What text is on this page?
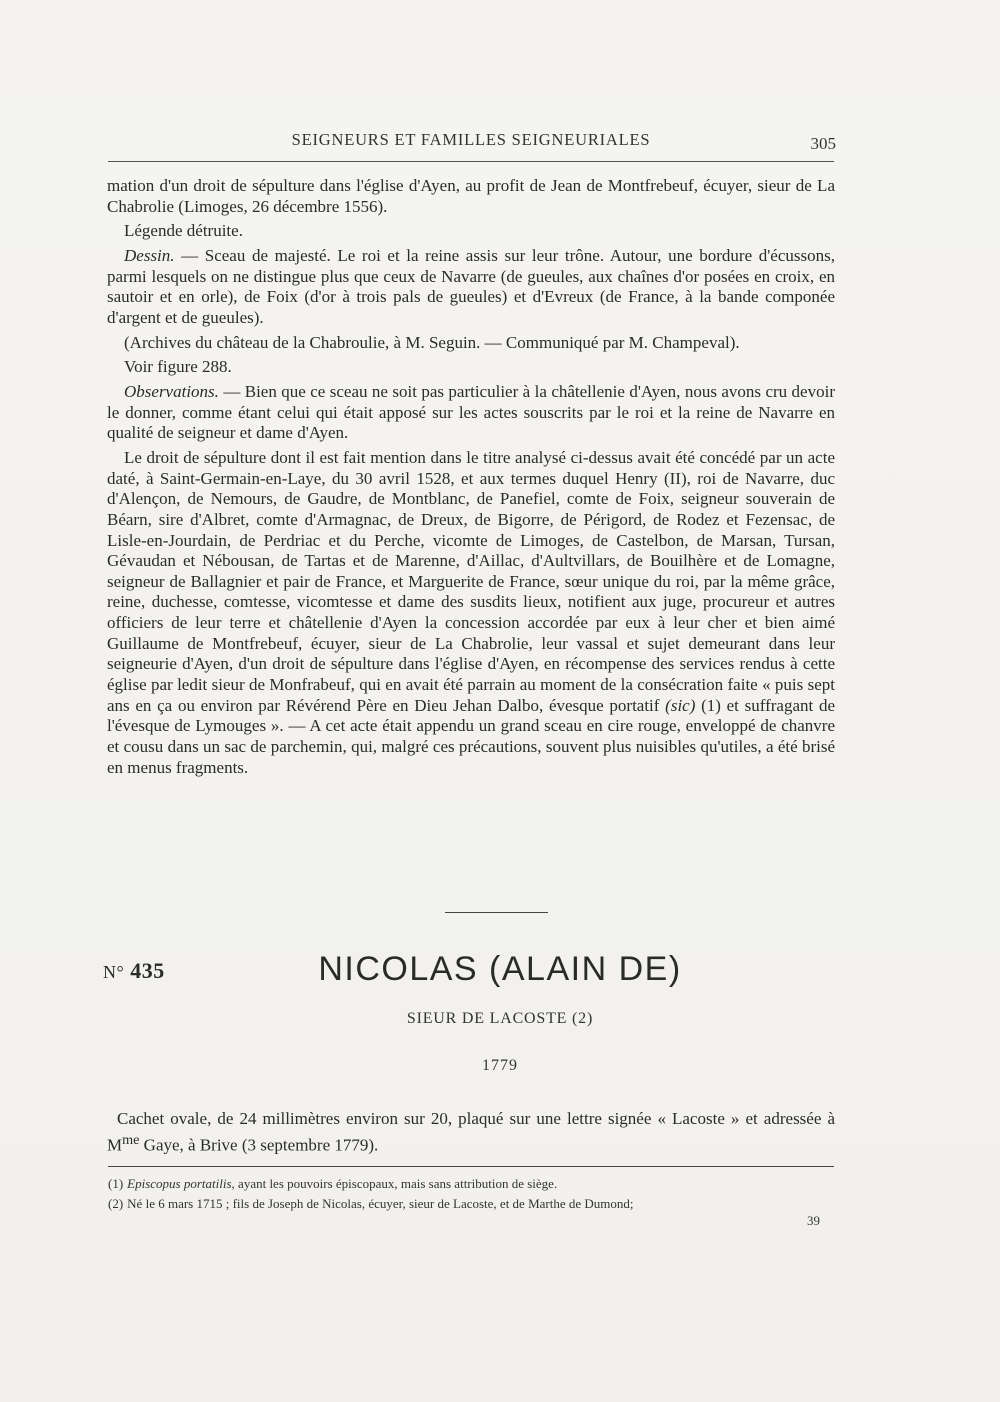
SEIGNEURS ET FAMILLES SEIGNEURIALES	305

mation d'un droit de sépulture dans l'église d'Ayen, au profit de Jean de Montfrebeuf, écuyer, sieur de La Chabrolie (Limoges, 26 décembre 1556).

Légende détruite.

Dessin. — Sceau de majesté. Le roi et la reine assis sur leur trône. Autour, une bordure d'écussons, parmi lesquels on ne distingue plus que ceux de Navarre (de gueules, aux chaînes d'or posées en croix, en sautoir et en orle), de Foix (d'or à trois pals de gueules) et d'Evreux (de France, à la bande componée d'argent et de gueules).

(Archives du château de la Chabroulie, à M. Seguin. — Communiqué par M. Champeval).

Voir figure 288.

Observations. — Bien que ce sceau ne soit pas particulier à la châtellenie d'Ayen, nous avons cru devoir le donner, comme étant celui qui était apposé sur les actes souscrits par le roi et la reine de Navarre en qualité de seigneur et dame d'Ayen.

Le droit de sépulture dont il est fait mention dans le titre analysé ci-dessus avait été concédé par un acte daté, à Saint-Germain-en-Laye, du 30 avril 1528, et aux termes duquel Henry (II), roi de Navarre, duc d'Alençon, de Nemours, de Gaudre, de Montblanc, de Panefiel, comte de Foix, seigneur souverain de Béarn, sire d'Albret, comte d'Armagnac, de Dreux, de Bigorre, de Périgord, de Rodez et Fezensac, de Lisle-en-Jourdain, de Perdriac et du Perche, vicomte de Limoges, de Castelbon, de Marsan, Tursan, Gévaudan et Nébousan, de Tartas et de Marenne, d'Aillac, d'Aultvillars, de Bouilhère et de Lomagne, seigneur de Ballagnier et pair de France, et Marguerite de France, sœur unique du roi, par la même grâce, reine, duchesse, comtesse, vicomtesse et dame des susdits lieux, notifient aux juge, procureur et autres officiers de leur terre et châtellenie d'Ayen la concession accordée par eux à leur cher et bien aimé Guillaume de Montfrebeuf, écuyer, sieur de La Chabrolie, leur vassal et sujet demeurant dans leur seigneurie d'Ayen, d'un droit de sépulture dans l'église d'Ayen, en récompense des services rendus à cette église par ledit sieur de Monfrabeuf, qui en avait été parrain au moment de la consécration faite « puis sept ans en ça ou environ par Révérend Père en Dieu Jehan Dalbo, évesque portatif (sic) (1) et suffragant de l'évesque de Lymouges ». — A cet acte était appendu un grand sceau en cire rouge, enveloppé de chanvre et cousu dans un sac de parchemin, qui, malgré ces précautions, souvent plus nuisibles qu'utiles, a été brisé en menus fragments.

N° 435	NICOLAS (ALAIN DE)
SIEUR DE LACOSTE (2)
1779
Cachet ovale, de 24 millimètres environ sur 20, plaqué sur une lettre signée « Lacoste » et adressée à $M^{me}$ Gaye, à Brive (3 septembre 1779).

(1) Episcopus portatilis, ayant les pouvoirs épiscopaux, mais sans attribution de siège.

(2) Né le 6 mars 1715 ; fils de Joseph de Nicolas, écuyer, sieur de Lacoste, et de Marthe de Dumond;

39
